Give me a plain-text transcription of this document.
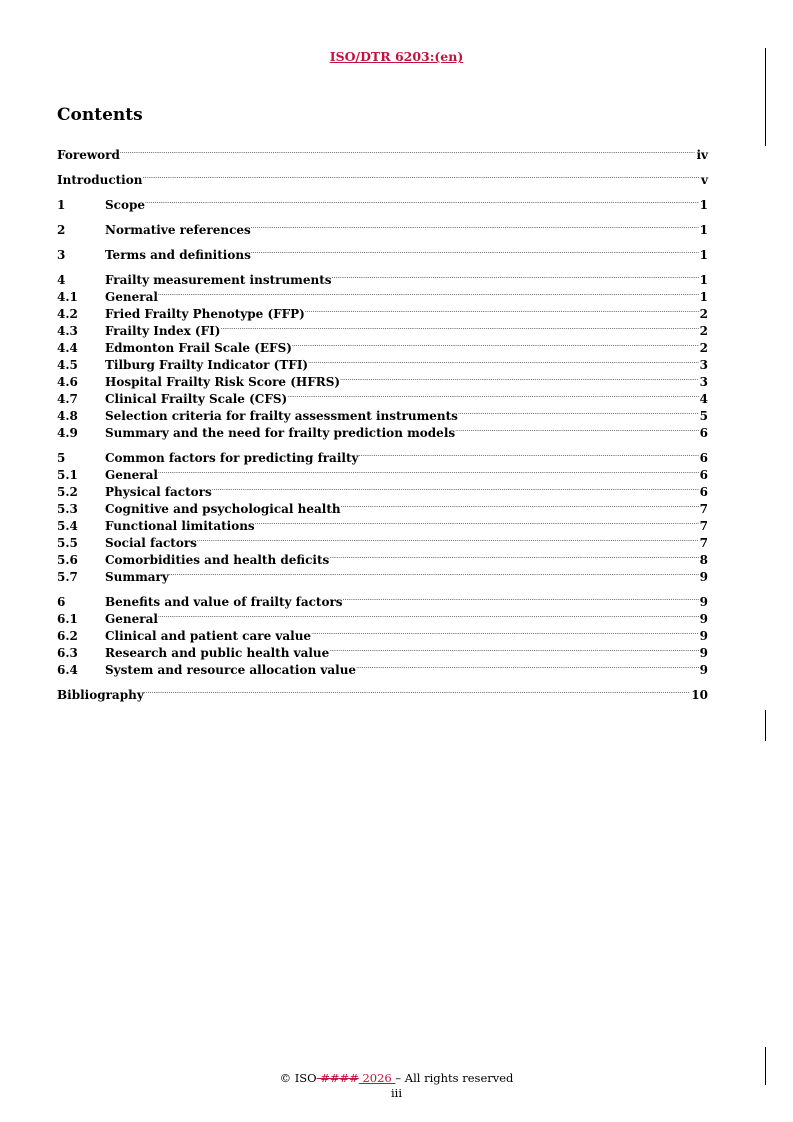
ISO/DTR 6203:(en)
Contents
Foreword .....	iv
Introduction .....	v
1	Scope .....	1
2	Normative references .....	1
3	Terms and definitions .....	1
4	Frailty measurement instruments .....	1
4.1	General .....	1
4.2	Fried Frailty Phenotype (FFP) .....	2
4.3	Frailty Index (FI) .....	2
4.4	Edmonton Frail Scale (EFS) .....	2
4.5	Tilburg Frailty Indicator (TFI) .....	3
4.6	Hospital Frailty Risk Score (HFRS) .....	3
4.7	Clinical Frailty Scale (CFS) .....	4
4.8	Selection criteria for frailty assessment instruments .....	5
4.9	Summary and the need for frailty prediction models .....	6
5	Common factors for predicting frailty .....	6
5.1	General .....	6
5.2	Physical factors .....	6
5.3	Cognitive and psychological health .....	7
5.4	Functional limitations .....	7
5.5	Social factors .....	7
5.6	Comorbidities and health deficits .....	8
5.7	Summary .....	9
6	Benefits and value of frailty factors .....	9
6.1	General .....	9
6.2	Clinical and patient care value .....	9
6.3	Research and public health value .....	9
6.4	System and resource allocation value .....	9
Bibliography .....	10
© ISO #### 2026 – All rights reserved
iii
